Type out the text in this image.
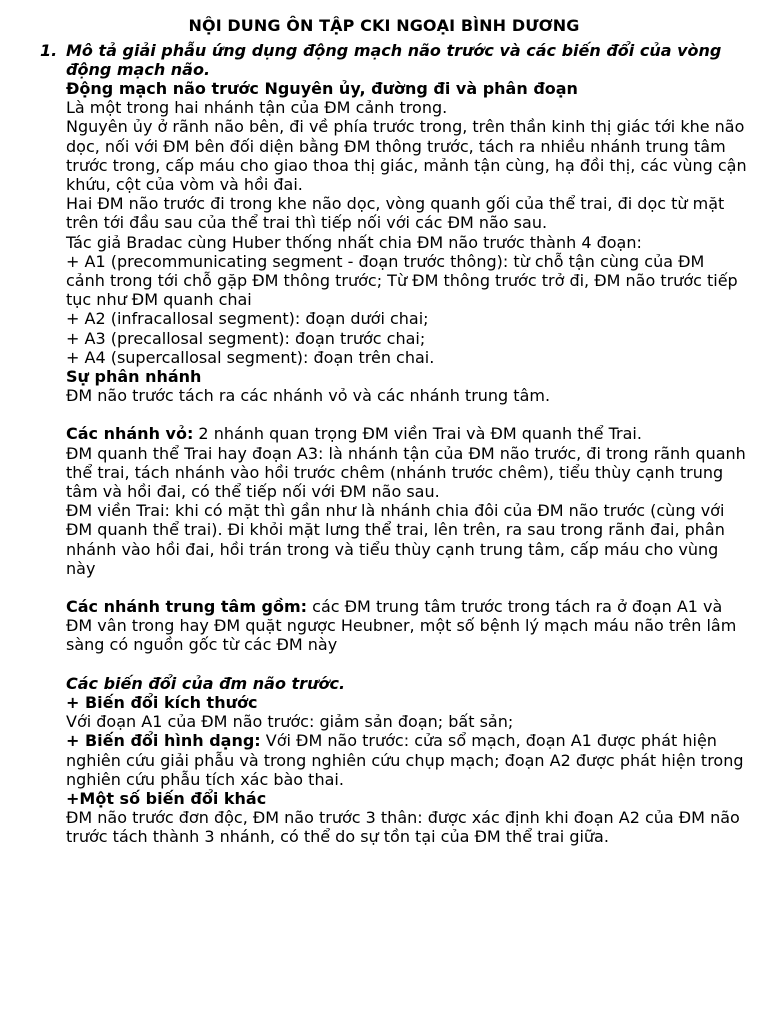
NỘI DUNG ÔN TẬP CKI NGOẠI BÌNH DƯƠNG
1. Mô tả giải phẫu ứng dụng động mạch não trước và các biến đổi của vòng động mạch não.

Động mạch não trước Nguyên ủy, đường đi và phân đoạn

Là một trong hai nhánh tận của ĐM cảnh trong.

Nguyên ủy ở rãnh não bên, đi về phía trước trong, trên thần kinh thị giác tới khe não dọc, nối với ĐM bên đối diện bằng ĐM thông trước, tách ra nhiều nhánh trung tâm trước trong, cấp máu cho giao thoa thị giác, mảnh tận cùng, hạ đồi thị, các vùng cận khứu, cột của vòm và hồi đai.

Hai ĐM não trước đi trong khe não dọc, vòng quanh gối của thể trai, đi dọc từ mặt trên tới đầu sau của thể trai thì tiếp nối với các ĐM não sau.

Tác giả Bradac cùng Huber thống nhất chia ĐM não trước thành 4 đoạn:

+ A1 (precommunicating segment - đoạn trước thông): từ chỗ tận cùng của ĐM cảnh trong tới chỗ gặp ĐM thông trước; Từ ĐM thông trước trở đi, ĐM não trước tiếp tục như ĐM quanh chai

+ A2 (infracallosal segment): đoạn dưới chai;

+ A3 (precallosal segment): đoạn trước chai;

+ A4 (supercallosal segment): đoạn trên chai.

Sự phân nhánh

ĐM não trước tách ra các nhánh vỏ và các nhánh trung tâm.

Các nhánh vỏ: 2 nhánh quan trọng ĐM viền Trai và ĐM quanh thể Trai.

ĐM quanh thể Trai hay đoạn A3: là nhánh tận của ĐM não trước, đi trong rãnh quanh thể trai, tách nhánh vào hồi trước chêm (nhánh trước chêm), tiểu thùy cạnh trung tâm và hồi đai, có thể tiếp nối với ĐM não sau.

ĐM viền Trai: khi có mặt thì gần như là nhánh chia đôi của ĐM não trước (cùng với ĐM quanh thể trai). Đi khỏi mặt lưng thể trai, lên trên, ra sau trong rãnh đai, phân nhánh vào hồi đai, hồi trán trong và tiểu thùy cạnh trung tâm, cấp máu cho vùng này

Các nhánh trung tâm gồm: các ĐM trung tâm trước trong tách ra ở đoạn A1 và ĐM vân trong hay ĐM quặt ngược Heubner, một số bệnh lý mạch máu não trên lâm sàng có nguồn gốc từ các ĐM này

Các biến đổi của đm não trước.

+ Biến đổi kích thước

Với đoạn A1 của ĐM não trước: giảm sản đoạn; bất sản;

+ Biến đổi hình dạng: Với ĐM não trước: cửa sổ mạch, đoạn A1 được phát hiện nghiên cứu giải phẫu và trong nghiên cứu chụp mạch; đoạn A2 được phát hiện trong nghiên cứu phẫu tích xác bào thai.

+Một số biến đổi khác

ĐM não trước đơn độc, ĐM não trước 3 thân: được xác định khi đoạn A2 của ĐM não trước tách thành 3 nhánh, có thể do sự tồn tại của ĐM thể trai giữa.
